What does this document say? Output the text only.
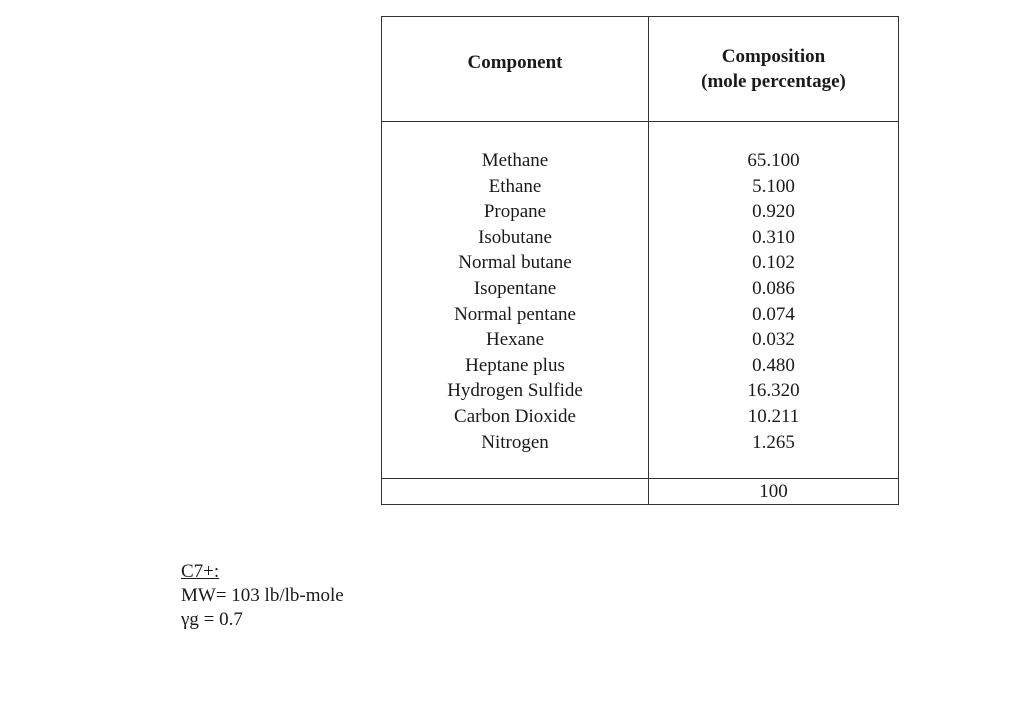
Component	Composition
(mole percentage)
Methane
Ethane
Propane
Isobutane
Normal butane
Isopentane
Normal pentane
Hexane
Heptane plus
Hydrogen Sulfide
Carbon Dioxide
Nitrogen
65.100
5.100
0.920
0.310
0.102
0.086
0.074
0.032
0.480
16.320
10.211
1.265
100
C7+:
MW= 103 lb/lb-mole
γg = 0.7
